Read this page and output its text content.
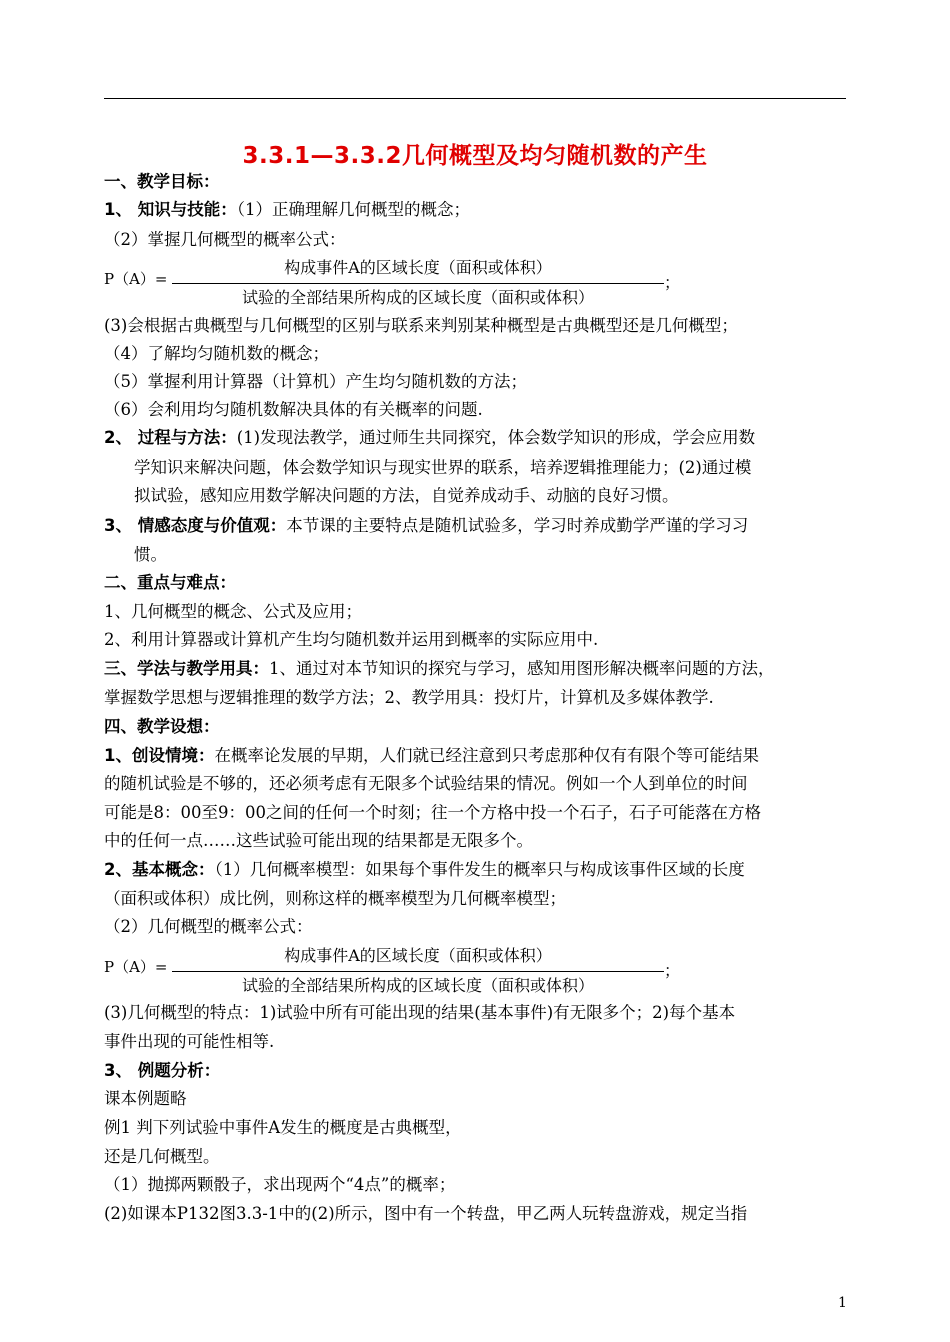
3.3.1—3.3.2几何概型及均匀随机数的产生
一、教学目标：
1、 知识与技能：（1）正确理解几何概型的概念；
（2）掌握几何概型的概率公式：
P（A）=
构成事件A的区域长度（面积或体积）
试验的全部结果所构成的区域长度（面积或体积）
；
(3)会根据古典概型与几何概型的区别与联系来判别某种概型是古典概型还是几何概型；
（4）了解均匀随机数的概念；
（5）掌握利用计算器（计算机）产生均匀随机数的方法；
（6）会利用均匀随机数解决具体的有关概率的问题.
2、 过程与方法：(1)发现法教学，通过师生共同探究，体会数学知识的形成，学会应用数
学知识来解决问题，体会数学知识与现实世界的联系，培养逻辑推理能力；(2)通过模
拟试验，感知应用数学解决问题的方法，自觉养成动手、动脑的良好习惯。
3、 情感态度与价值观：本节课的主要特点是随机试验多，学习时养成勤学严谨的学习习
惯。
二、重点与难点：
1、几何概型的概念、公式及应用；
2、利用计算器或计算机产生均匀随机数并运用到概率的实际应用中.
三、学法与教学用具：1、通过对本节知识的探究与学习，感知用图形解决概率问题的方法，
掌握数学思想与逻辑推理的数学方法；2、教学用具：投灯片，计算机及多媒体教学.
四、教学设想：
1、创设情境：在概率论发展的早期，人们就已经注意到只考虑那种仅有有限个等可能结果
的随机试验是不够的，还必须考虑有无限多个试验结果的情况。例如一个人到单位的时间
可能是8：00至9：00之间的任何一个时刻；往一个方格中投一个石子，石子可能落在方格
中的任何一点……这些试验可能出现的结果都是无限多个。
2、基本概念：（1）几何概率模型：如果每个事件发生的概率只与构成该事件区域的长度
（面积或体积）成比例，则称这样的概率模型为几何概率模型；
（2）几何概型的概率公式：
P（A）=
构成事件A的区域长度（面积或体积）
试验的全部结果所构成的区域长度（面积或体积）
；
(3)几何概型的特点：1)试验中所有可能出现的结果(基本事件)有无限多个；2)每个基本
事件出现的可能性相等.
3、 例题分析：
课本例题略
例1 判下列试验中事件A发生的概度是古典概型，
还是几何概型。
（1）抛掷两颗骰子，求出现两个“4点”的概率；
(2)如课本P132图3.3-1中的(2)所示，图中有一个转盘，甲乙两人玩转盘游戏，规定当指
1
